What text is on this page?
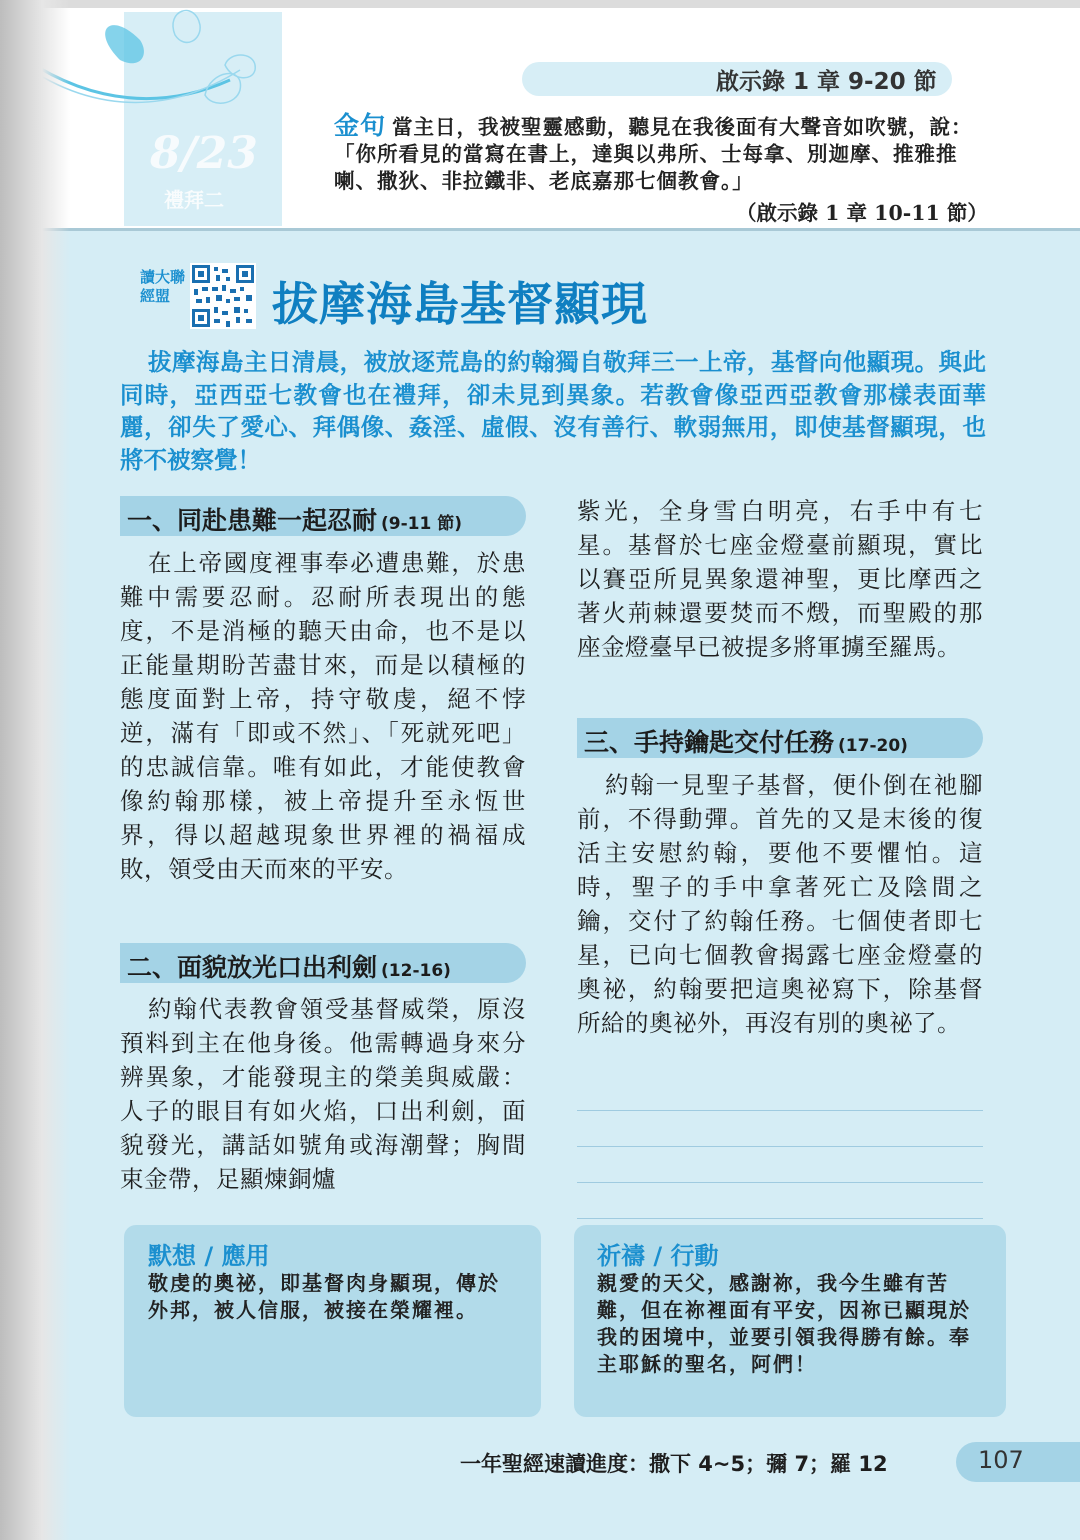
8/23
禮拜二
啟示錄 1 章 9-20 節
金句 當主日，我被聖靈感動，聽見在我後面有大聲音如吹號，說：「你所看見的當寫在書上，達與以弗所、士每拿、別迦摩、推雅推喇、撒狄、非拉鐵非、老底嘉那七個教會。」
（啟示錄 1 章 10-11 節）
讀大聯經盟	拔摩海島基督顯現
拔摩海島主日清晨，被放逐荒島的約翰獨自敬拜三一上帝，基督向他顯現。與此同時，亞西亞七教會也在禮拜，卻未見到異象。若教會像亞西亞教會那樣表面華麗，卻失了愛心、拜偶像、姦淫、虛假、沒有善行、軟弱無用，即使基督顯現，也將不被察覺！
一、同赴患難一起忍耐 (9-11 節)
在上帝國度裡事奉必遭患難，於患難中需要忍耐。忍耐所表現出的態度，不是消極的聽天由命，也不是以正能量期盼苦盡甘來，而是以積極的態度面對上帝，持守敬虔，絕不悖逆，滿有「即或不然」、「死就死吧」的忠誠信靠。唯有如此，才能使教會像約翰那樣，被上帝提升至永恆世界，得以超越現象世界裡的禍福成敗，領受由天而來的平安。
二、面貌放光口出利劍 (12-16)
約翰代表教會領受基督威榮，原沒預料到主在他身後。他需轉過身來分辨異象，才能發現主的榮美與威嚴：人子的眼目有如火焰，口出利劍，面貌發光，講話如號角或海潮聲；胸間束金帶，足顯煉銅爐
紫光，全身雪白明亮，右手中有七星。基督於七座金燈臺前顯現，實比以賽亞所見異象還神聖，更比摩西之著火荊棘還要焚而不燬，而聖殿的那座金燈臺早已被提多將軍擄至羅馬。
三、手持鑰匙交付任務 (17-20)
約翰一見聖子基督，便仆倒在祂腳前，不得動彈。首先的又是末後的復活主安慰約翰，要他不要懼怕。這時，聖子的手中拿著死亡及陰間之鑰，交付了約翰任務。七個使者即七星，已向七個教會揭露七座金燈臺的奧祕，約翰要把這奧祕寫下，除基督所給的奧祕外，再沒有別的奧祕了。
默想 / 應用
敬虔的奧祕，即基督肉身顯現，傳於外邦，被人信服，被接在榮耀裡。
祈禱 / 行動
親愛的天父，感謝祢，我今生雖有苦難，但在祢裡面有平安，因祢已顯現於我的困境中，並要引領我得勝有餘。奉主耶穌的聖名，阿們！
一年聖經速讀進度：撒下 4~5；彌 7；羅 12	107
